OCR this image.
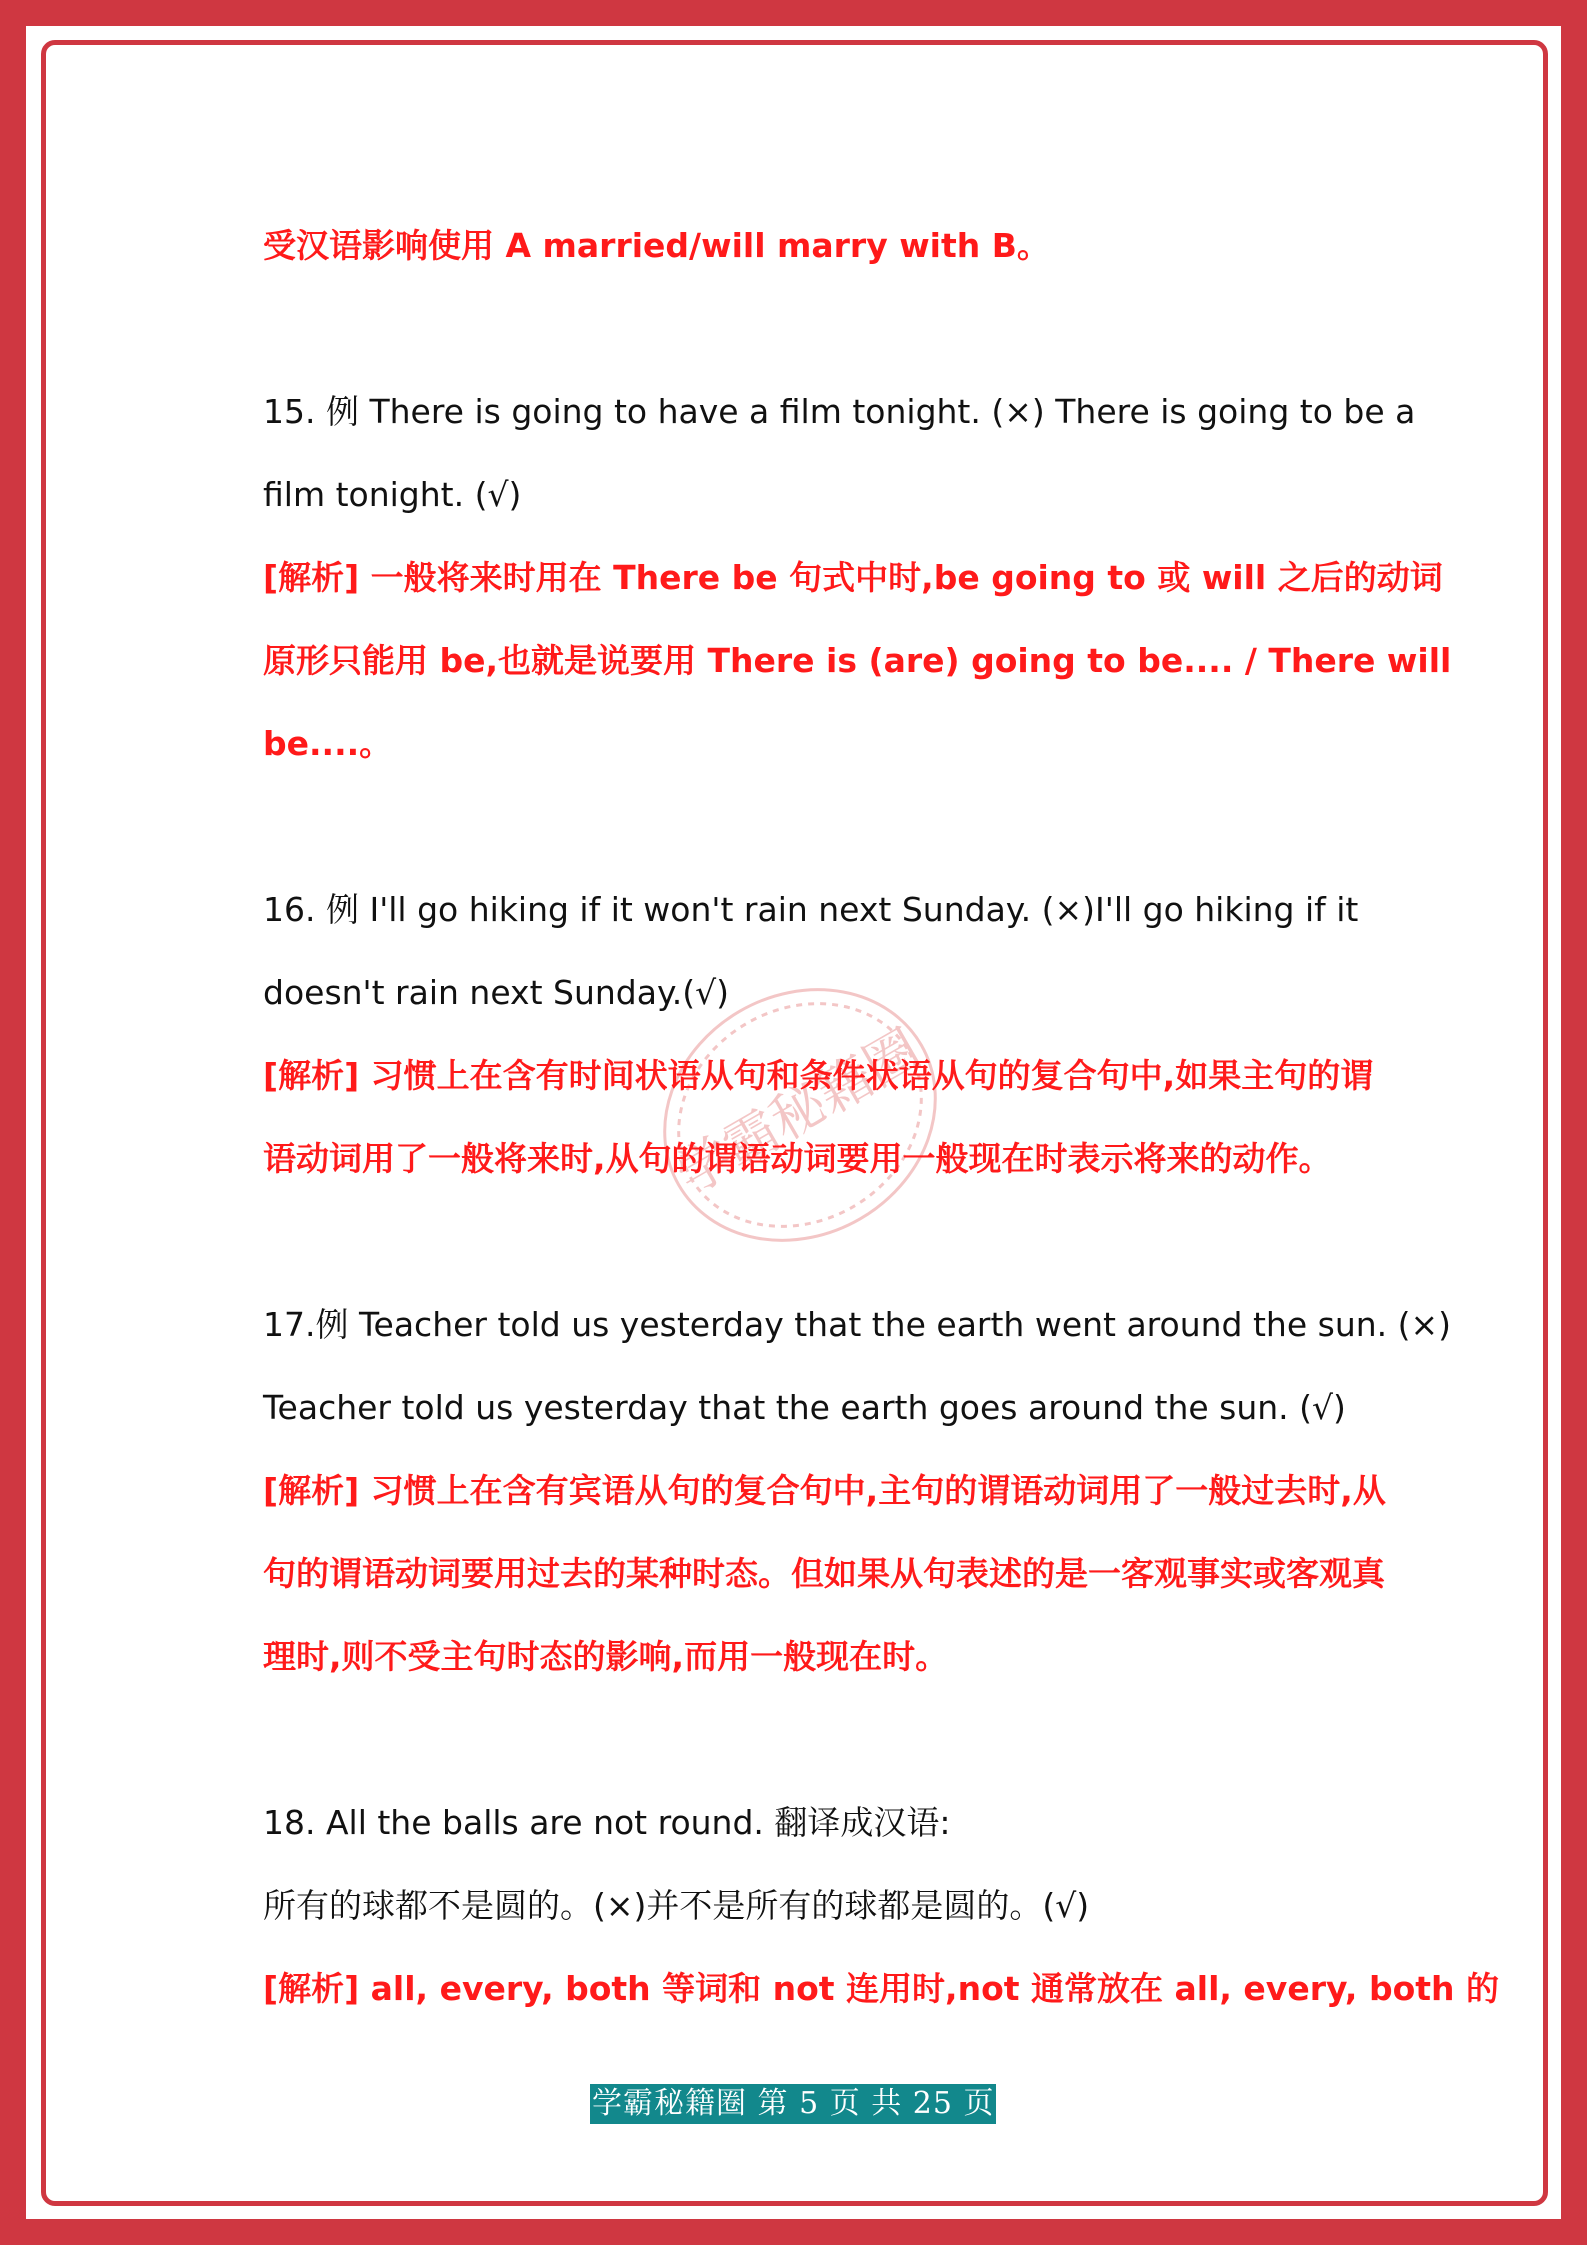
学霸秘籍圈
受汉语影响使用 A married/will marry with B。
15. 例 There is going to have a film tonight. (×) There is going to be a
film tonight. (√)
[解析] 一般将来时用在 There be 句式中时,be going to 或 will 之后的动词
原形只能用 be,也就是说要用 There is (are) going to be.... / There will
be....。
16. 例 I'll go hiking if it won't rain next Sunday. (×)I'll go hiking if it
doesn't rain next Sunday.(√)
[解析] 习惯上在含有时间状语从句和条件状语从句的复合句中,如果主句的谓
语动词用了一般将来时,从句的谓语动词要用一般现在时表示将来的动作。
17.例 Teacher told us yesterday that the earth went around the sun. (×)
Teacher told us yesterday that the earth goes around the sun. (√)
[解析] 习惯上在含有宾语从句的复合句中,主句的谓语动词用了一般过去时,从
句的谓语动词要用过去的某种时态。但如果从句表述的是一客观事实或客观真
理时,则不受主句时态的影响,而用一般现在时。
18. All the balls are not round. 翻译成汉语:
所有的球都不是圆的。(×)并不是所有的球都是圆的。(√)
[解析] all, every, both 等词和 not 连用时,not 通常放在 all, every, both 的
学霸秘籍圈 第 5 页 共 25 页
